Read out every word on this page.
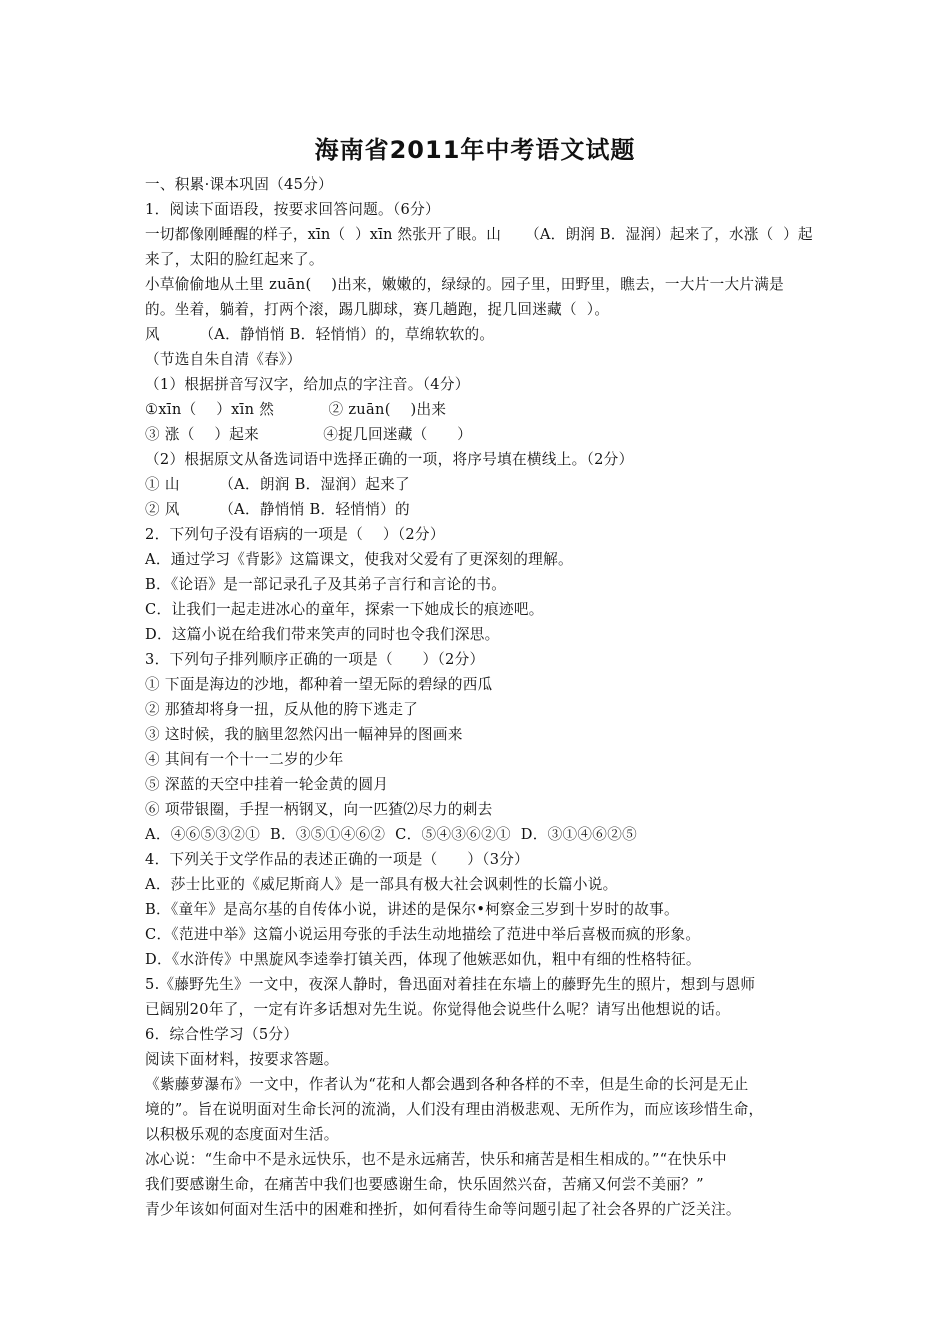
海南省2011年中考语文试题
一、积累·课本巩固（45分）
1．阅读下面语段，按要求回答问题。（6分）
一切都像刚睡醒的样子，xīn（  ）xīn 然张开了眼。山     （A．朗润 B．湿润）起来了，水涨（  ）起
来了，太阳的脸红起来了。
小草偷偷地从土里 zuān(    )出来，嫩嫩的，绿绿的。园子里，田野里，瞧去，一大片一大片满是
的。坐着，躺着，打两个滚，踢几脚球，赛几趟跑，捉几回迷藏（  ）。
风        （A．静悄悄 B．轻悄悄）的，草绵软软的。
（节选自朱自清《春》）
（1）根据拼音写汉字，给加点的字注音。（4分）
①xīn（    ）xīn 然           ② zuān(    )出来
③ 涨（    ）起来             ④捉几回迷藏（      ）
（2）根据原文从备选词语中选择正确的一项，将序号填在横线上。（2分）
① 山        （A．朗润 B．湿润）起来了
② 风        （A．静悄悄 B．轻悄悄）的
2．下列句子没有语病的一项是（    ）（2分）
A．通过学习《背影》这篇课文，使我对父爱有了更深刻的理解。
B．《论语》是一部记录孔子及其弟子言行和言论的书。
C．让我们一起走进冰心的童年，探索一下她成长的痕迹吧。
D．这篇小说在给我们带来笑声的同时也令我们深思。
3．下列句子排列顺序正确的一项是（      ）（2分）
① 下面是海边的沙地，都种着一望无际的碧绿的西瓜
② 那猹却将身一扭，反从他的胯下逃走了
③ 这时候，我的脑里忽然闪出一幅神异的图画来
④ 其间有一个十一二岁的少年
⑤ 深蓝的天空中挂着一轮金黄的圆月
⑥ 项带银圈，手捏一柄钢叉，向一匹猹⑵尽力的刺去
A．④⑥⑤③②①  B．③⑤①④⑥②  C．⑤④③⑥②①  D．③①④⑥②⑤
4．下列关于文学作品的表述正确的一项是（      ）（3分）
A．莎士比亚的《威尼斯商人》是一部具有极大社会讽刺性的长篇小说。
B．《童年》是高尔基的自传体小说，讲述的是保尔•柯察金三岁到十岁时的故事。
C．《范进中举》这篇小说运用夸张的手法生动地描绘了范进中举后喜极而疯的形象。
D．《水浒传》中黑旋风李逵拳打镇关西，体现了他嫉恶如仇，粗中有细的性格特征。
5.《藤野先生》一文中，夜深人静时，鲁迅面对着挂在东墙上的藤野先生的照片，想到与恩师
已阔别20年了，一定有许多话想对先生说。你觉得他会说些什么呢？请写出他想说的话。
6．综合性学习（5分）
阅读下面材料，按要求答题。
《紫藤萝瀑布》一文中，作者认为“花和人都会遇到各种各样的不幸，但是生命的长河是无止
境的”。旨在说明面对生命长河的流淌，人们没有理由消极悲观、无所作为，而应该珍惜生命，
以积极乐观的态度面对生活。
冰心说：“生命中不是永远快乐，也不是永远痛苦，快乐和痛苦是相生相成的。”“在快乐中
我们要感谢生命，在痛苦中我们也要感谢生命，快乐固然兴奋，苦痛又何尝不美丽？”
青少年该如何面对生活中的困难和挫折，如何看待生命等问题引起了社会各界的广泛关注。
